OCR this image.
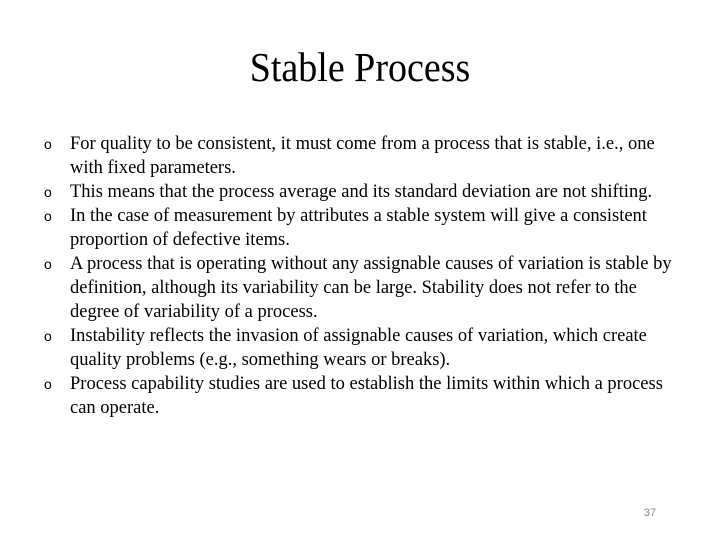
Stable Process
o For quality to be consistent, it must come from a process that is stable, i.e., one with fixed parameters.
o This means that the process average and its standard deviation are not shifting.
o In the case of measurement by attributes a stable system will give a consistent proportion of defective items.
o A process that is operating without any assignable causes of variation is stable by definition, although its variability can be large. Stability does not refer to the degree of variability of a process.
o Instability reflects the invasion of assignable causes of variation, which create quality problems (e.g., something wears or breaks).
o Process capability studies are used to establish the limits within which a process can operate.
37
